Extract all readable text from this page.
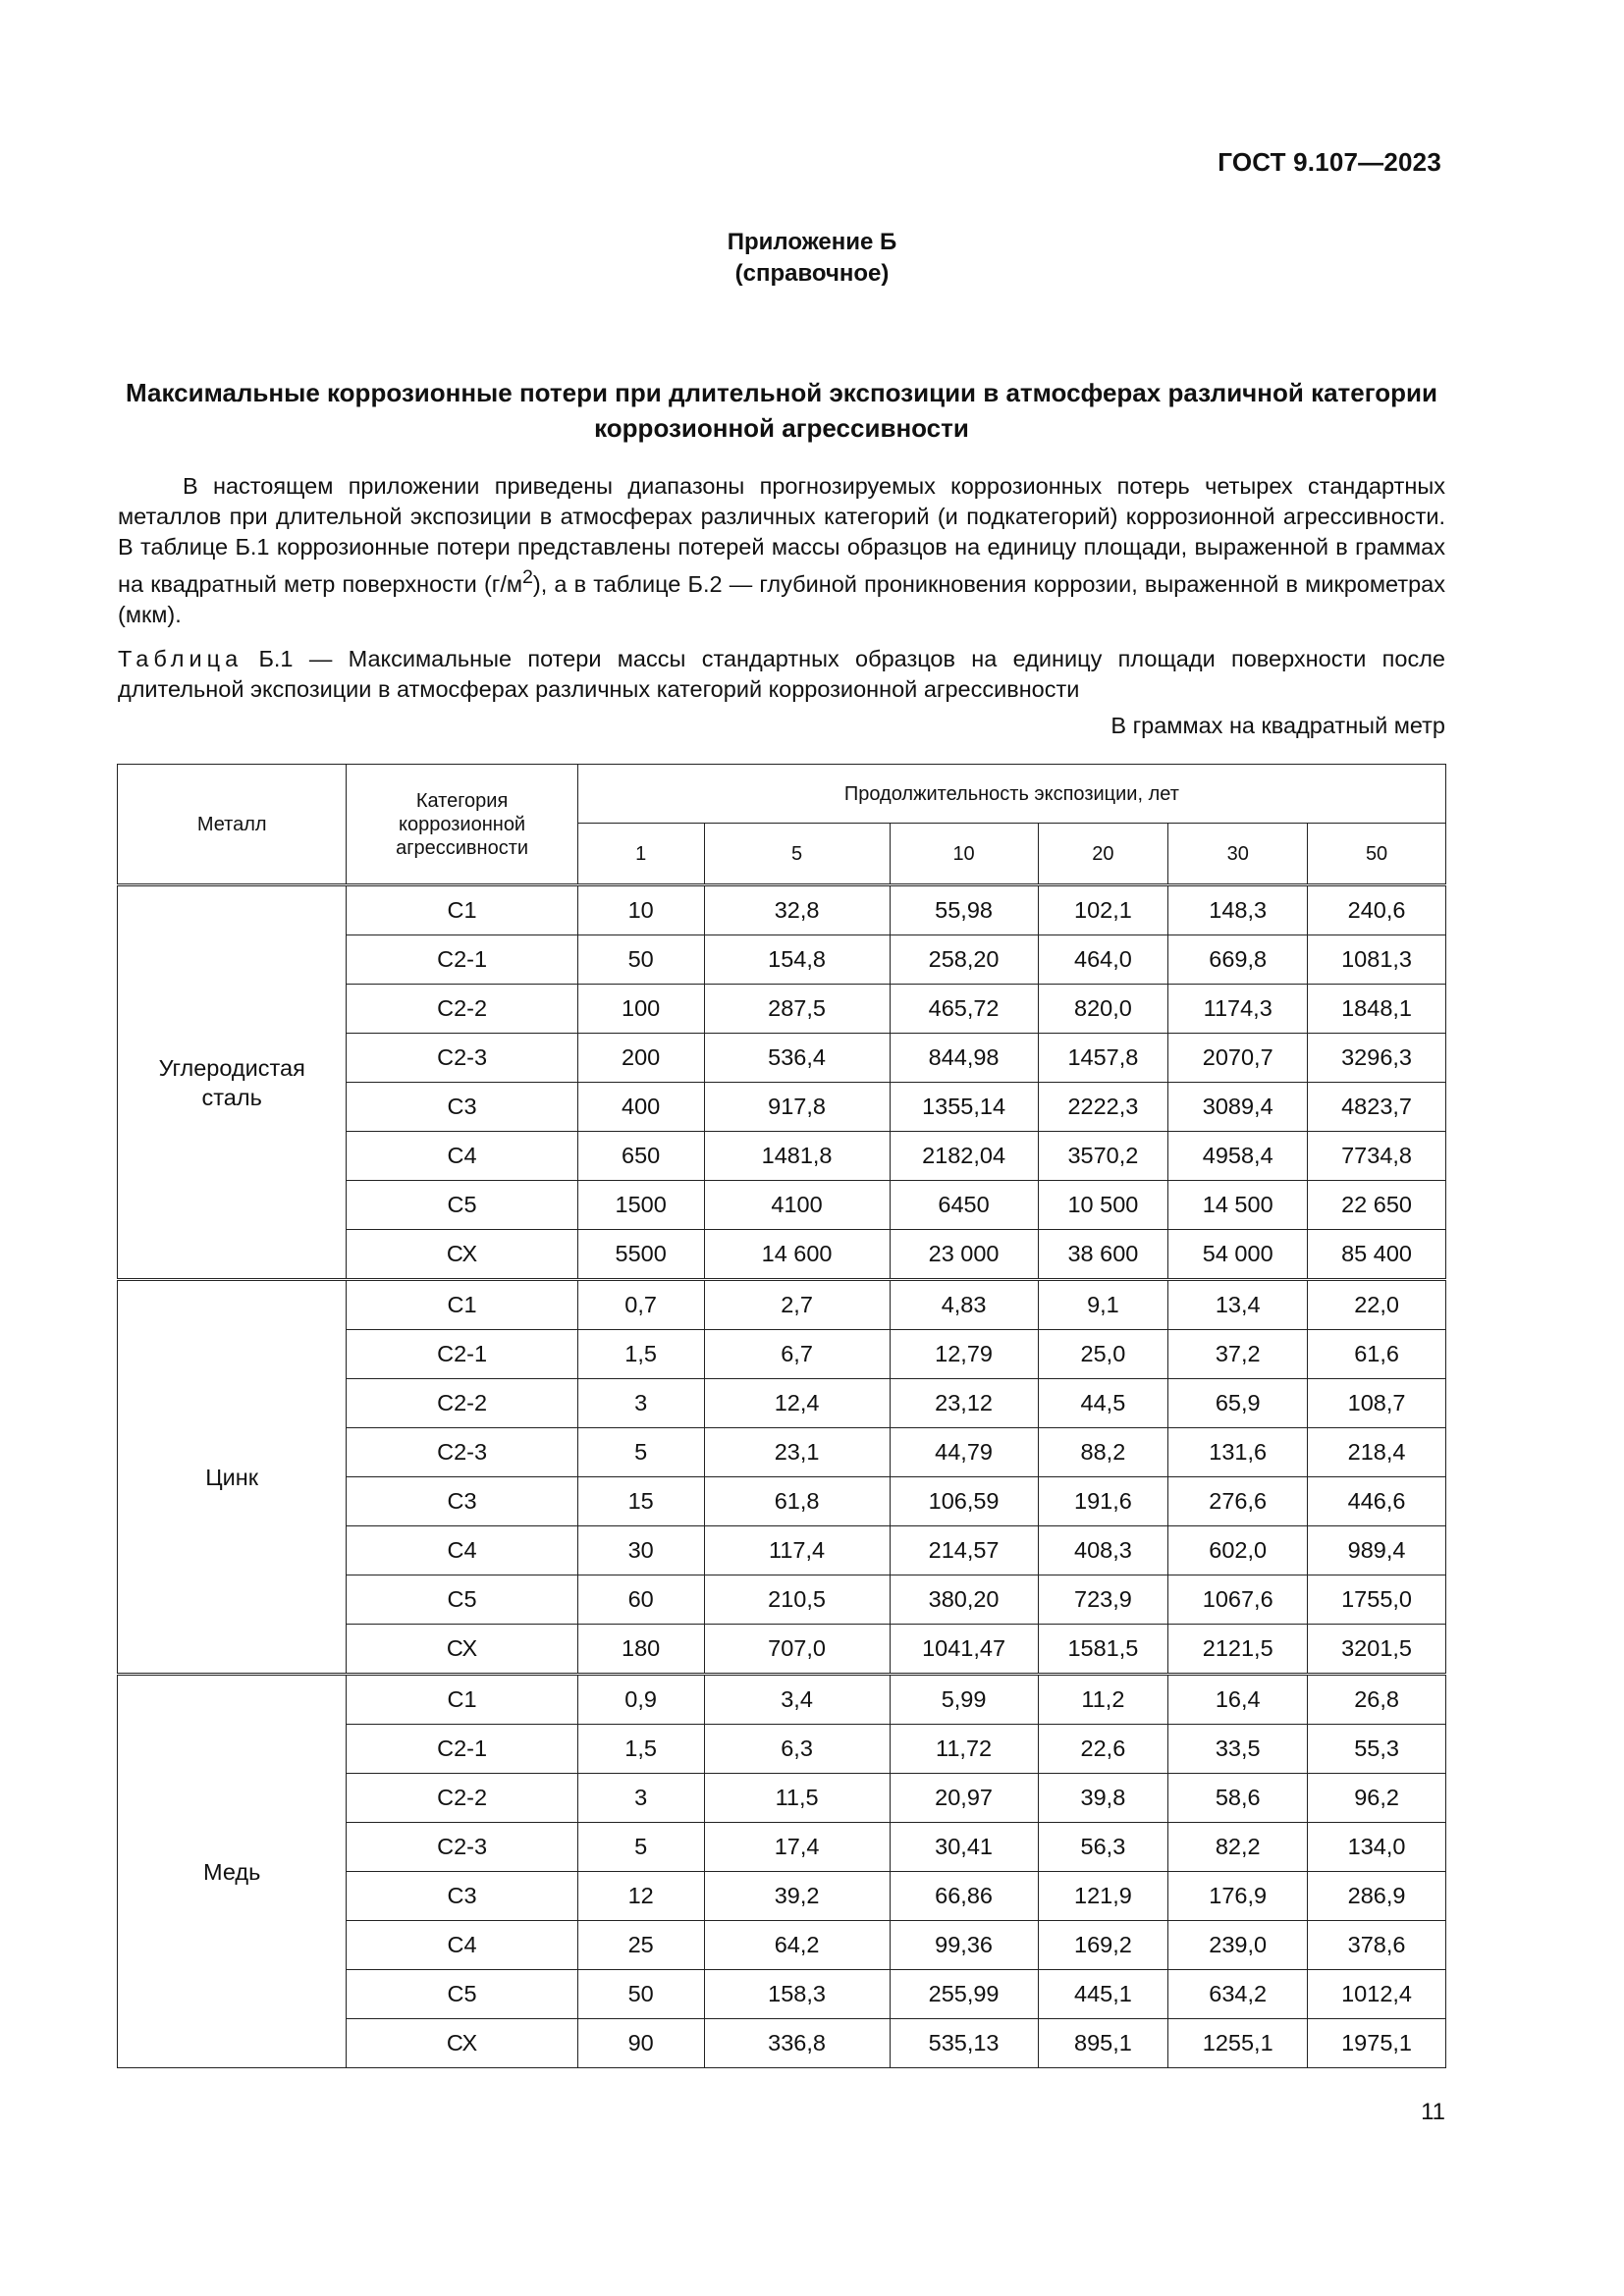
ГОСТ 9.107—2023
Приложение Б
(справочное)
Максимальные коррозионные потери при длительной экспозиции в атмосферах различной категории коррозионной агрессивности

В настоящем приложении приведены диапазоны прогнозируемых коррозионных потерь четырех стандартных металлов при длительной экспозиции в атмосферах различных категорий (и подкатегорий) коррозионной агрессивности. В таблице Б.1 коррозионные потери представлены потерей массы образцов на единицу площади, выраженной в граммах на квадратный метр поверхности $(г/м^2)$, а в таблице Б.2 — глубиной проникновения коррозии, выраженной в микрометрах (мкм).

Таблица Б.1 — Максимальные потери массы стандартных образцов на единицу площади поверхности после длительной экспозиции в атмосферах различных категорий коррозионной агрессивности

В граммах на квадратный метр
Металл	Категория коррозионной агрессивности	Продолжительность экспозиции, лет					
		1	5	10	20	30	50
Углеродистая сталь	С1	10	32,8	55,98	102,1	148,3	240,6
	С2-1	50	154,8	258,20	464,0	669,8	1081,3
	С2-2	100	287,5	465,72	820,0	1174,3	1848,1
	С2-3	200	536,4	844,98	1457,8	2070,7	3296,3
	С3	400	917,8	1355,14	2222,3	3089,4	4823,7
	С4	650	1481,8	2182,04	3570,2	4958,4	7734,8
	С5	1500	4100	6450	10 500	14 500	22 650
	СХ	5500	14 600	23 000	38 600	54 000	85 400
Цинк	С1	0,7	2,7	4,83	9,1	13,4	22,0
	С2-1	1,5	6,7	12,79	25,0	37,2	61,6
	С2-2	3	12,4	23,12	44,5	65,9	108,7
	С2-3	5	23,1	44,79	88,2	131,6	218,4
	С3	15	61,8	106,59	191,6	276,6	446,6
	С4	30	117,4	214,57	408,3	602,0	989,4
	С5	60	210,5	380,20	723,9	1067,6	1755,0
	СХ	180	707,0	1041,47	1581,5	2121,5	3201,5
Медь	С1	0,9	3,4	5,99	11,2	16,4	26,8
	С2-1	1,5	6,3	11,72	22,6	33,5	55,3
	С2-2	3	11,5	20,97	39,8	58,6	96,2
	С2-3	5	17,4	30,41	56,3	82,2	134,0
	С3	12	39,2	66,86	121,9	176,9	286,9
	С4	25	64,2	99,36	169,2	239,0	378,6
	С5	50	158,3	255,99	445,1	634,2	1012,4
	СХ	90	336,8	535,13	895,1	1255,1	1975,1
11
